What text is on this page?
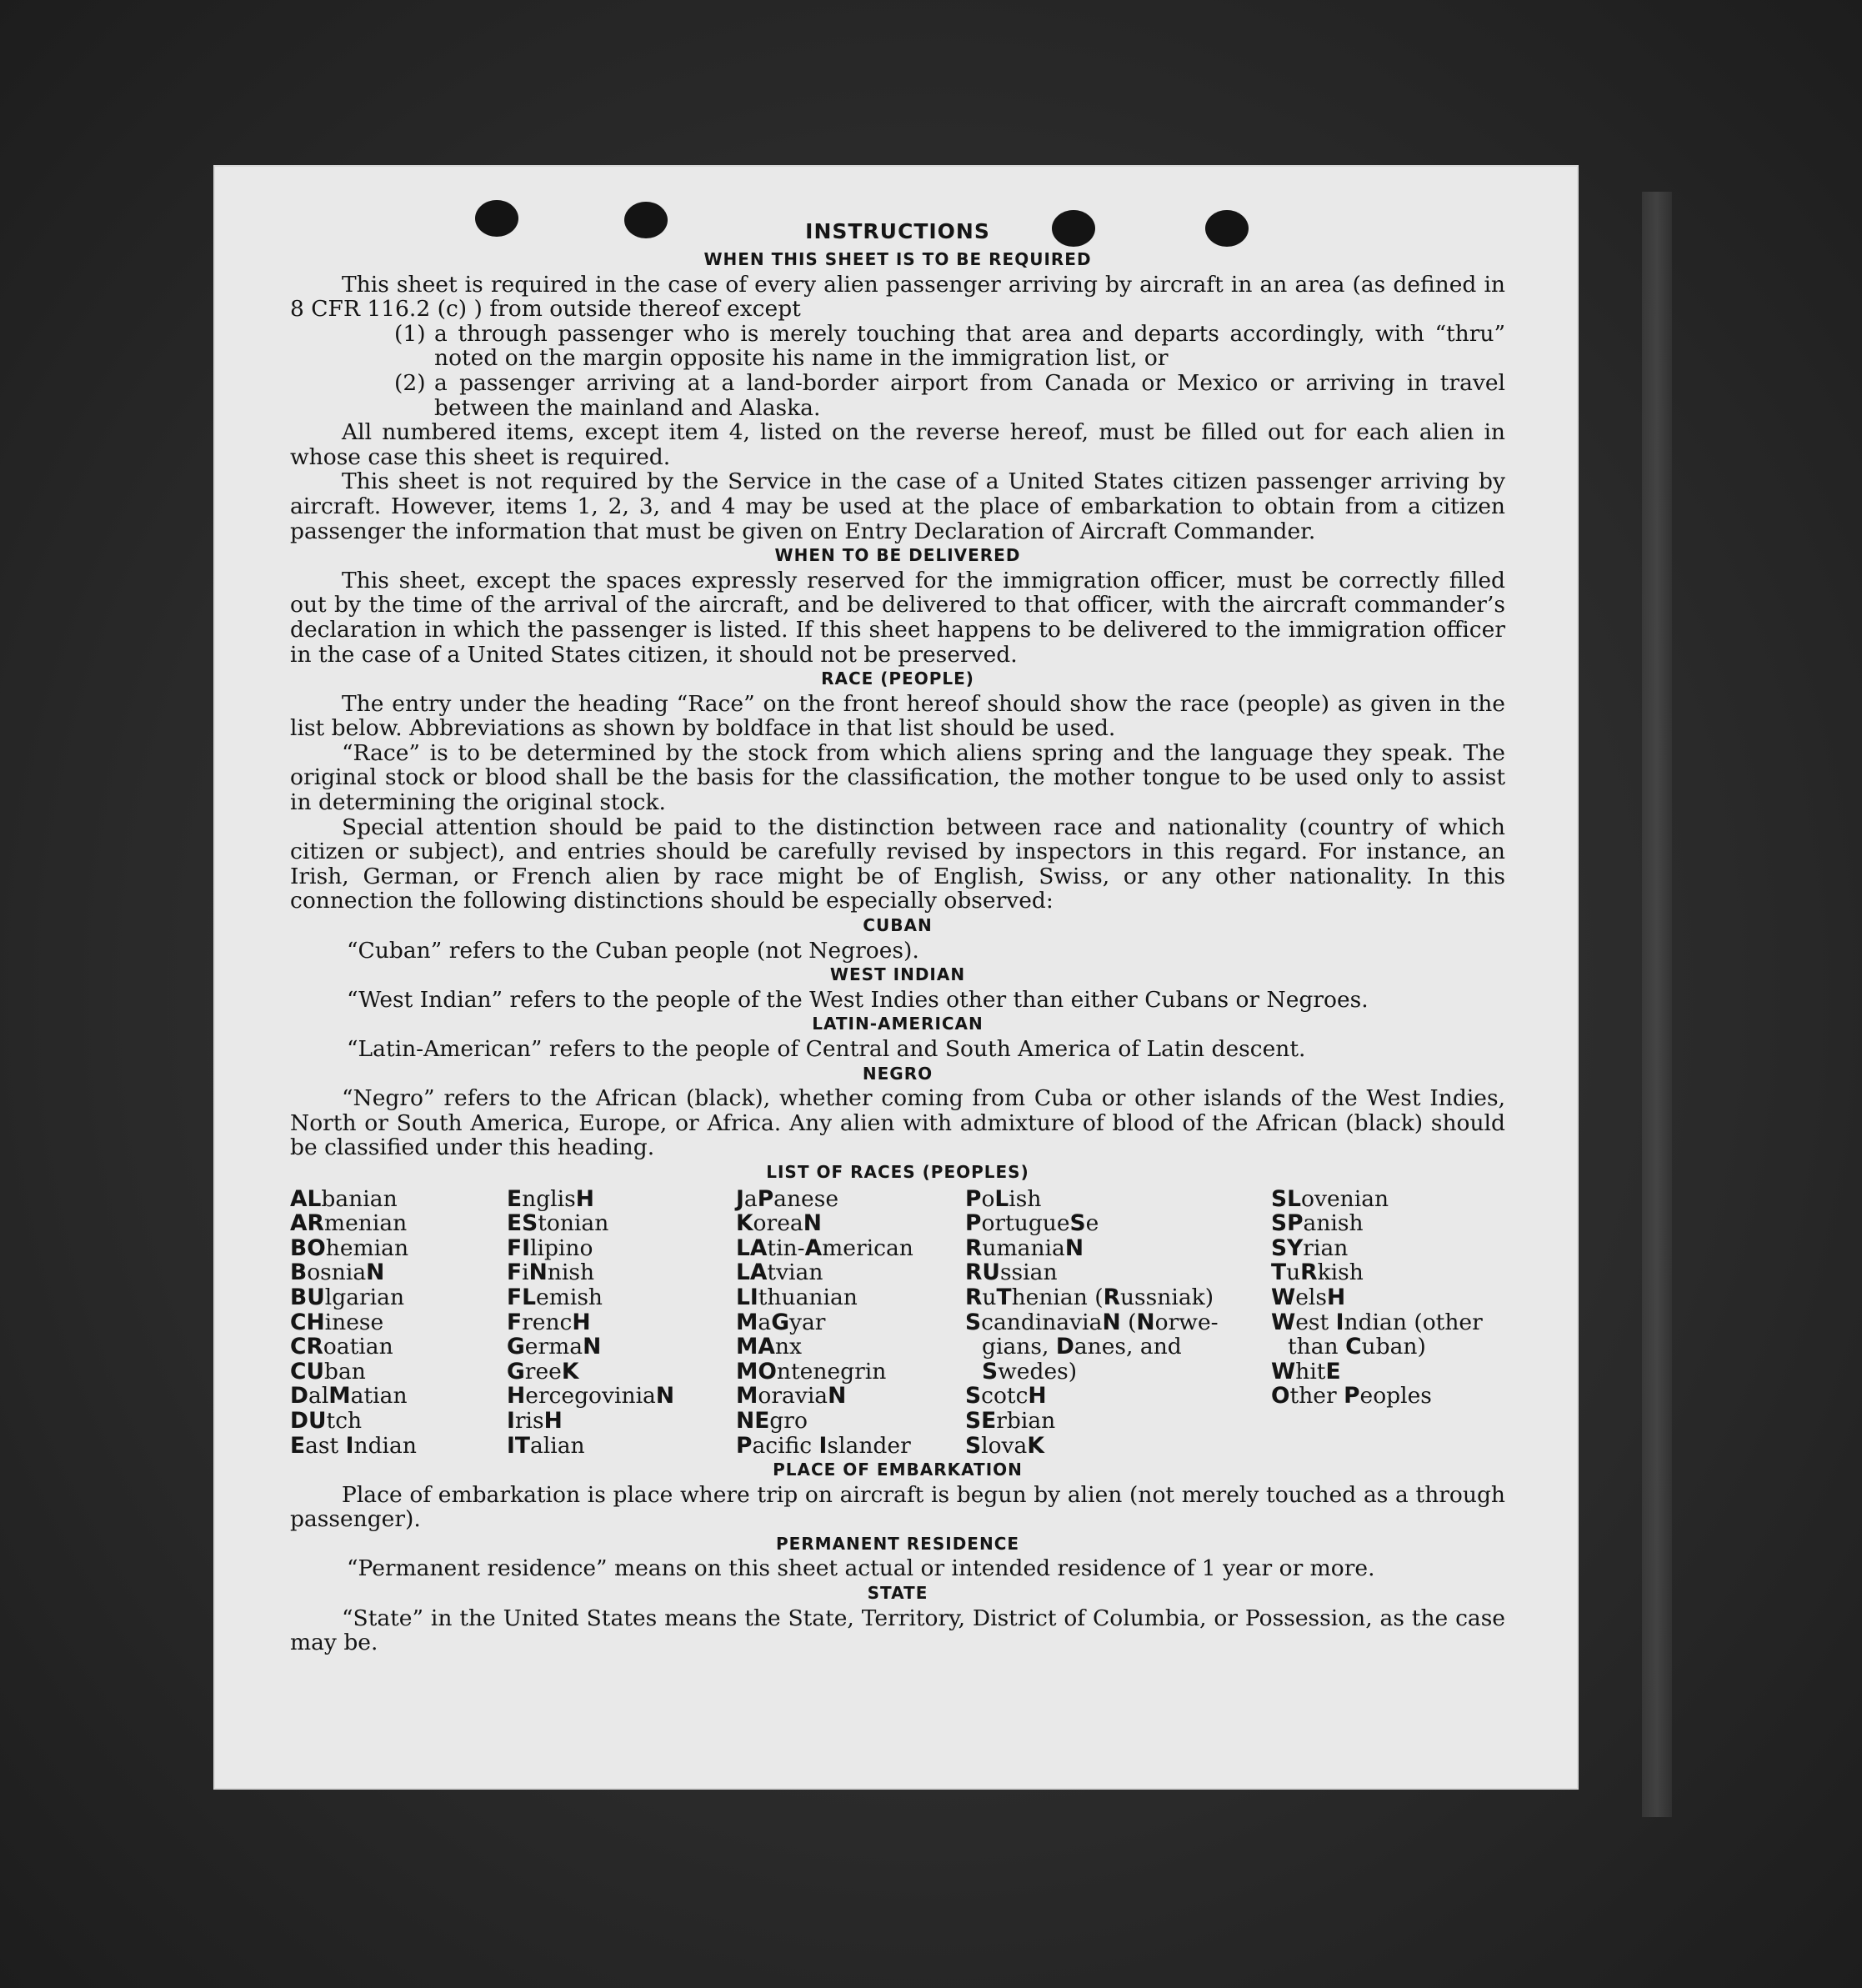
INSTRUCTIONS
WHEN THIS SHEET IS TO BE REQUIRED

This sheet is required in the case of every alien passenger arriving by aircraft in an area (as defined in 8 CFR 116.2 (c) ) from outside thereof except

(1) a through passenger who is merely touching that area and departs accordingly, with “thru” noted on the margin opposite his name in the immigration list, or
(2) a passenger arriving at a land-border airport from Canada or Mexico or arriving in travel between the mainland and Alaska.

All numbered items, except item 4, listed on the reverse hereof, must be filled out for each alien in whose case this sheet is required.

This sheet is not required by the Service in the case of a United States citizen passenger arriving by aircraft. However, items 1, 2, 3, and 4 may be used at the place of embarkation to obtain from a citizen passenger the information that must be given on Entry Declaration of Aircraft Commander.

WHEN TO BE DELIVERED

This sheet, except the spaces expressly reserved for the immigration officer, must be correctly filled out by the time of the arrival of the aircraft, and be delivered to that officer, with the aircraft commander’s declaration in which the passenger is listed. If this sheet happens to be delivered to the immigration officer in the case of a United States citizen, it should not be preserved.

RACE (PEOPLE)

The entry under the heading “Race” on the front hereof should show the race (people) as given in the list below. Abbreviations as shown by boldface in that list should be used.

“Race” is to be determined by the stock from which aliens spring and the language they speak. The original stock or blood shall be the basis for the classification, the mother tongue to be used only to assist in determining the original stock.

Special attention should be paid to the distinction between race and nationality (country of which citizen or subject), and entries should be carefully revised by inspectors in this regard. For instance, an Irish, German, or French alien by race might be of English, Swiss, or any other nationality. In this connection the following distinctions should be especially observed:

CUBAN

“Cuban” refers to the Cuban people (not Negroes).

WEST INDIAN

“West Indian” refers to the people of the West Indies other than either Cubans or Negroes.

LATIN-AMERICAN

“Latin-American” refers to the people of Central and South America of Latin descent.

NEGRO

“Negro” refers to the African (black), whether coming from Cuba or other islands of the West Indies, North or South America, Europe, or Africa. Any alien with admixture of blood of the African (black) should be classified under this heading.

LIST OF RACES (PEOPLES)
ALbanian
ARmenian
BOhemian
BosniaN
BUlgarian
CHinese
CRoatian
CUban
DalMatian
DUtch
East Indian
EnglisH
EStonian
FIlipino
FiNnish
FLemish
FrencH
GermaN
GreeK
HercegoviniaN
IrisH
ITalian
JaPanese
KoreaN
LAtin-American
LAtvian
LIthuanian
MaGyar
MAnx
MOntenegrin
MoraviaN
NEgro
Pacifc Islander
PoLish
PortugueSe
RumaniaN
RUssian
RuThenian (Russniak)
ScandinaviaN (Norwe-
gians, Danes, and
Swedes)
ScotcH
SErbian
SlovaK
SLovenian
SPanish
SYrian
TuRkish
WelsH
West Indian (other
than Cuban)
WhitE
Other Peoples
PLACE OF EMBARKATION

Place of embarkation is place where trip on aircraft is begun by alien (not merely touched as a through passenger).

PERMANENT RESIDENCE

“Permanent residence” means on this sheet actual or intended residence of 1 year or more.

STATE

“State” in the United States means the State, Territory, District of Columbia, or Possession, as the case may be.
